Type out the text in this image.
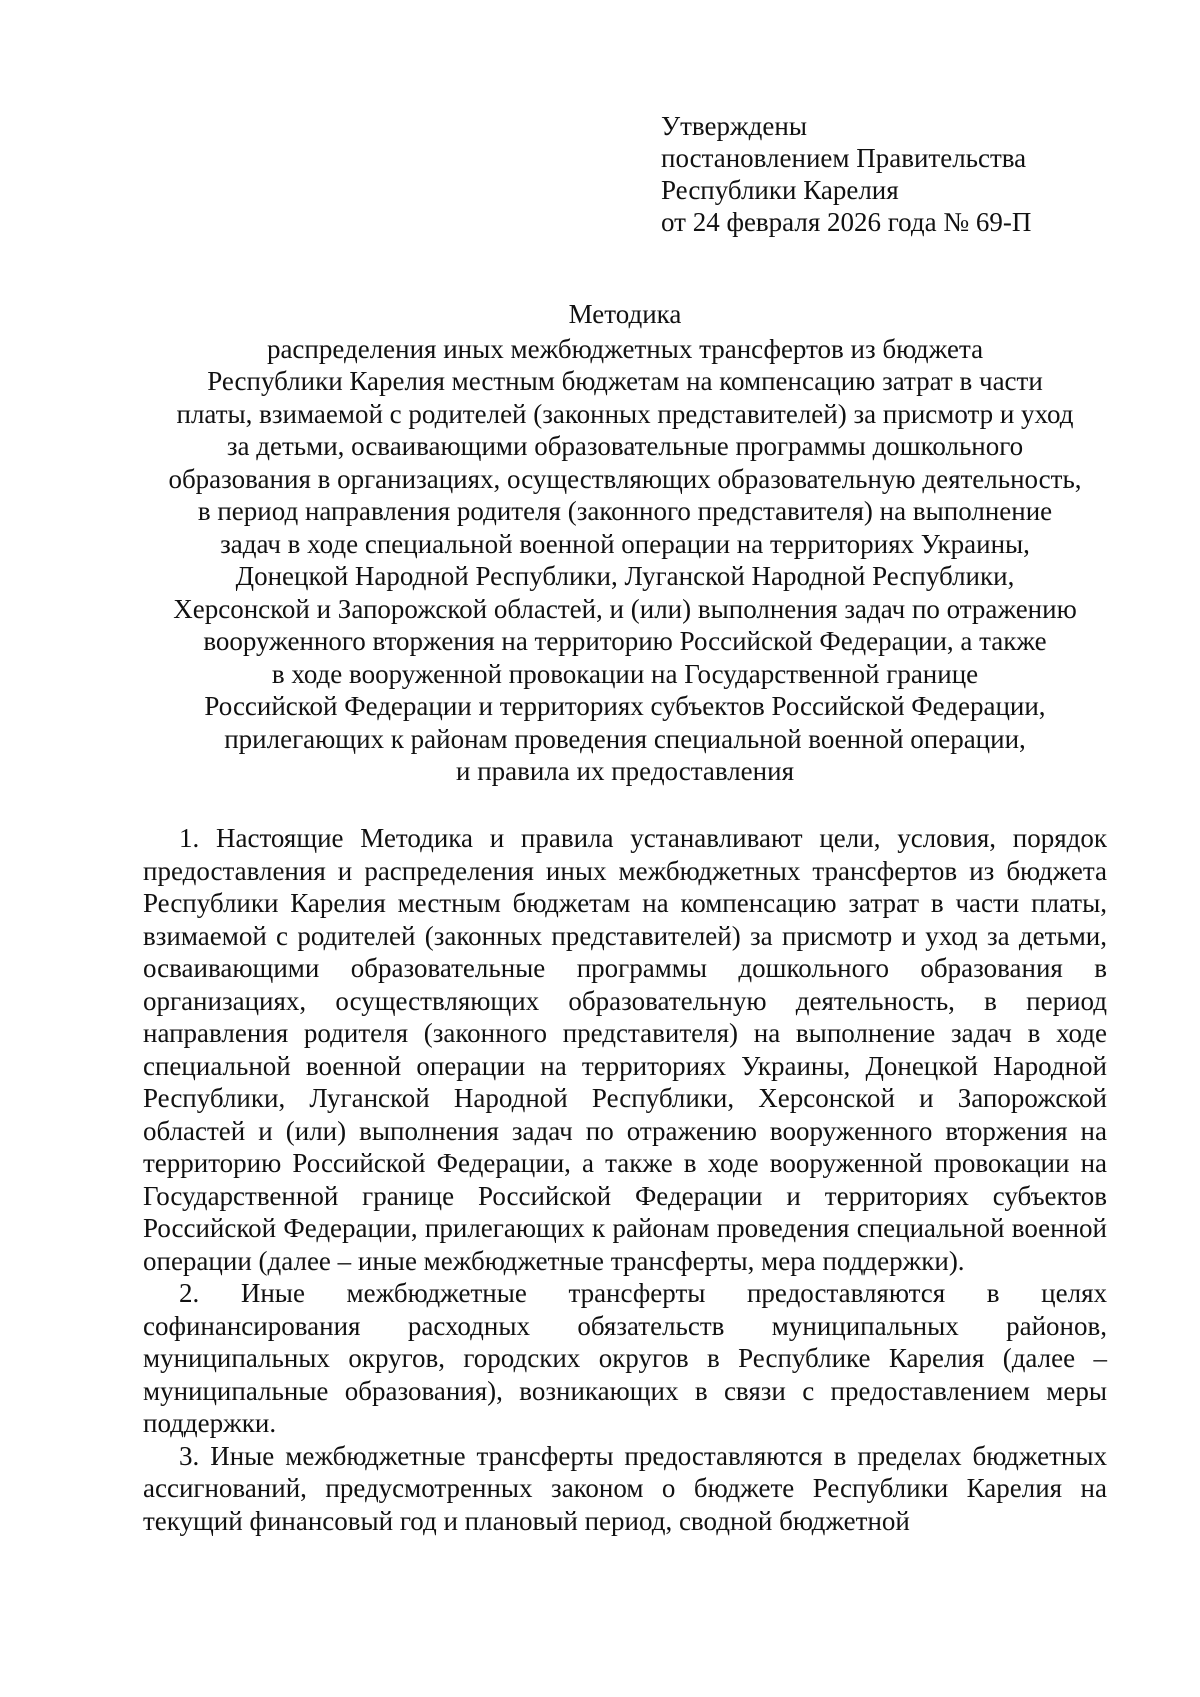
Утверждены
постановлением Правительства
Республики Карелия
от 24 февраля 2026 года № 69-П
Методика
распределения иных межбюджетных трансфертов из бюджета
Республики Карелия местным бюджетам на компенсацию затрат в части
платы, взимаемой с родителей (законных представителей) за присмотр и уход
за детьми, осваивающими образовательные программы дошкольного
образования в организациях, осуществляющих образовательную деятельность,
в период направления родителя (законного представителя) на выполнение
задач в ходе специальной военной операции на территориях Украины,
Донецкой Народной Республики, Луганской Народной Республики,
Херсонской и Запорожской областей, и (или) выполнения задач по отражению
вооруженного вторжения на территорию Российской Федерации, а также
в ходе вооруженной провокации на Государственной границе
Российской Федерации и территориях субъектов Российской Федерации,
прилегающих к районам проведения специальной военной операции,
и правила их предоставления

1. Настоящие Методика и правила устанавливают цели, условия, порядок предоставления и распределения иных межбюджетных трансфертов из бюджета Республики Карелия местным бюджетам на компенсацию затрат в части платы, взимаемой с родителей (законных представителей) за присмотр и уход за детьми, осваивающими образовательные программы дошкольного образования в организациях, осуществляющих образовательную деятельность, в период направления родителя (законного представителя) на выполнение задач в ходе специальной военной операции на территориях Украины, Донецкой Народной Республики, Луганской Народной Республики, Херсонской и Запорожской областей и (или) выполнения задач по отражению вооруженного вторжения на территорию Российской Федерации, а также в ходе вооруженной провокации на Государственной границе Российской Федерации и территориях субъектов Российской Федерации, прилегающих к районам проведения специальной военной операции (далее – иные межбюджетные трансферты, мера поддержки).

2. Иные межбюджетные трансферты предоставляются в целях софинансирования расходных обязательств муниципальных районов, муниципальных округов, городских округов в Республике Карелия (далее – муниципальные образования), возникающих в связи с предоставлением меры поддержки.

3. Иные межбюджетные трансферты предоставляются в пределах бюджетных ассигнований, предусмотренных законом о бюджете Республики Карелия на текущий финансовый год и плановый период, сводной бюджетной
